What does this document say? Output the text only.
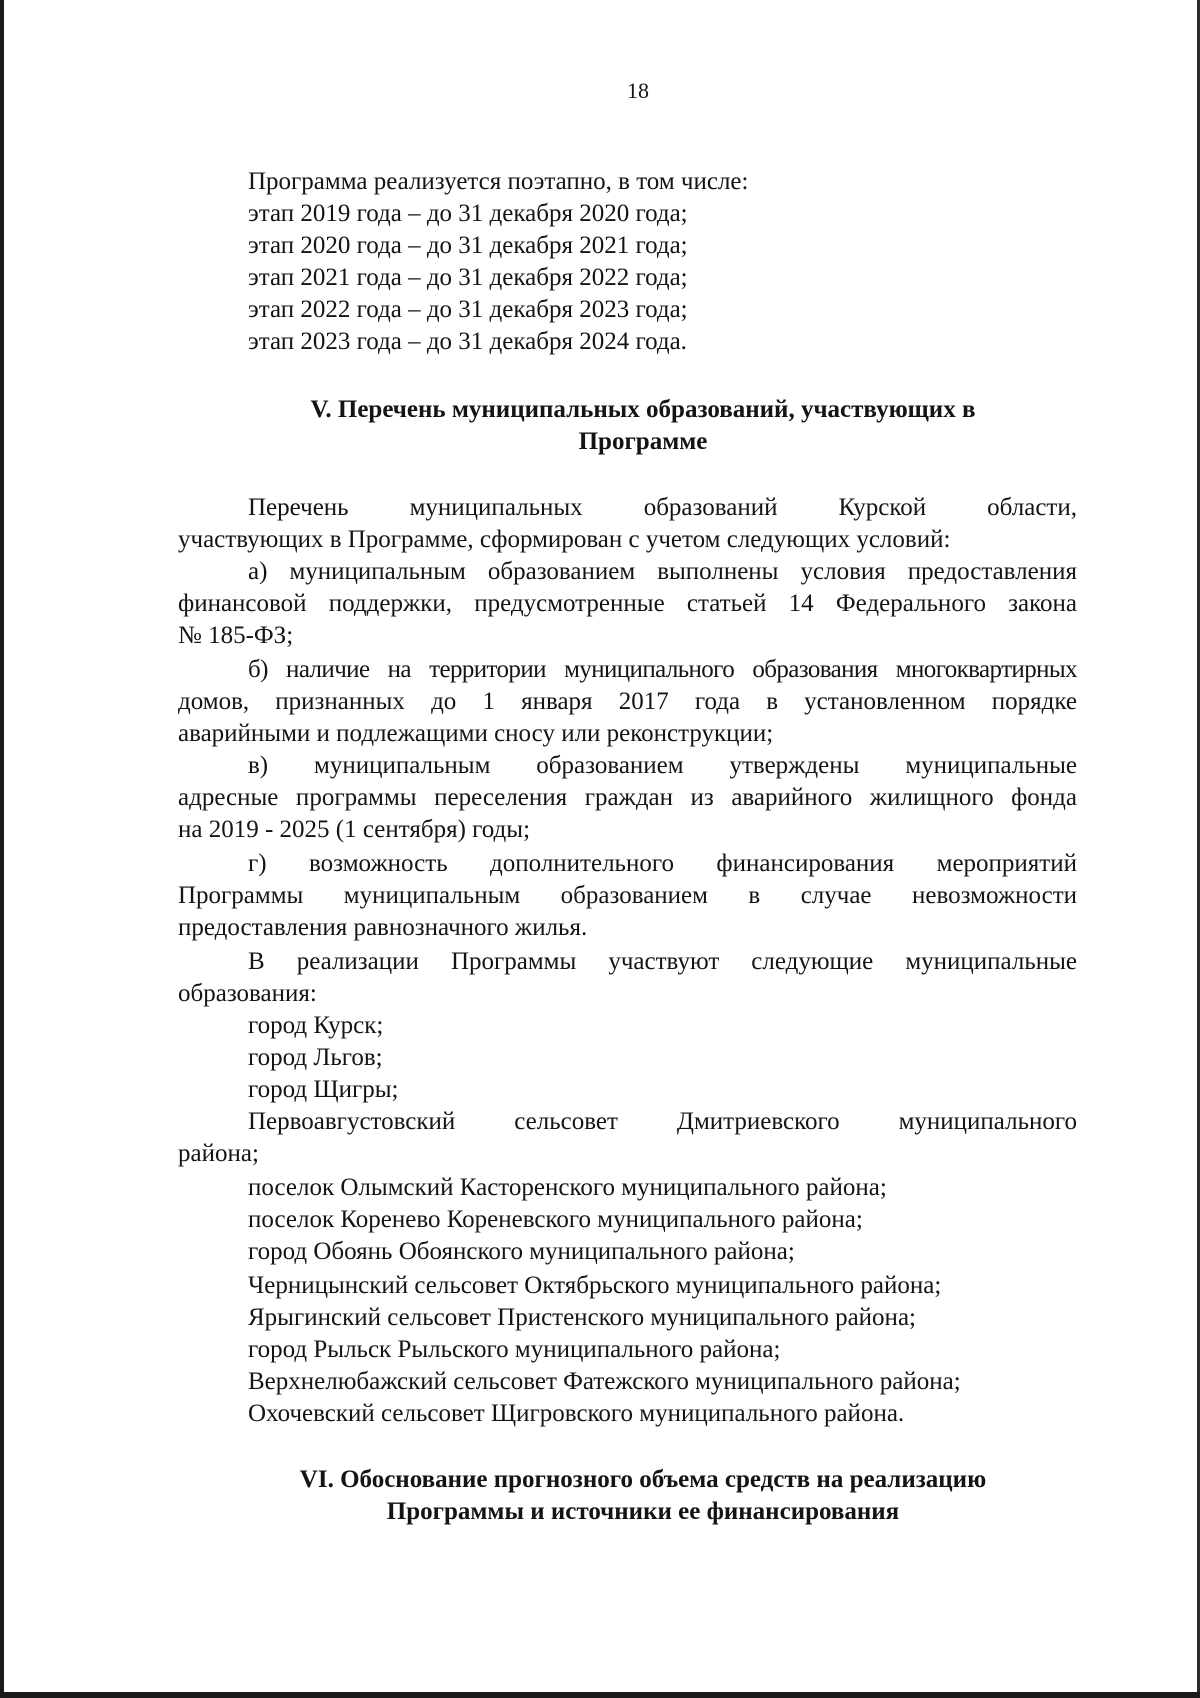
18
Программа реализуется поэтапно, в том числе:
этап 2019 года – до 31 декабря 2020 года;
этап 2020 года – до 31 декабря 2021 года;
этап 2021 года – до 31 декабря 2022 года;
этап 2022 года – до 31 декабря 2023 года;
этап 2023 года – до 31 декабря 2024 года.
V. Перечень муниципальных образований, участвующих в
Программе
Перечень муниципальных образований Курской области,
участвующих в Программе, сформирован с учетом следующих условий:
а) муниципальным образованием выполнены условия предоставления
финансовой поддержки, предусмотренные статьей 14 Федерального закона
№ 185-ФЗ;
б) наличие на территории муниципального образования многоквартирных
домов, признанных до 1 января 2017 года в установленном порядке
аварийными и подлежащими сносу или реконструкции;
в) муниципальным образованием утверждены муниципальные
адресные программы переселения граждан из аварийного жилищного фонда
на 2019 - 2025 (1 сентября) годы;
г) возможность дополнительного финансирования мероприятий
Программы муниципальным образованием в случае невозможности
предоставления равнозначного жилья.
В реализации Программы участвуют следующие муниципальные
образования:
город Курск;
город Льгов;
город Щигры;
Первоавгустовский сельсовет Дмитриевского муниципального
района;
поселок Олымский Касторенского муниципального района;
поселок Коренево Кореневского муниципального района;
город Обоянь Обоянского муниципального района;
Черницынский сельсовет Октябрьского муниципального района;
Ярыгинский сельсовет Пристенского муниципального района;
город Рыльск Рыльского муниципального района;
Верхнелюбажский сельсовет Фатежского муниципального района;
Охочевский сельсовет Щигровского муниципального района.
VI. Обоснование прогнозного объема средств на реализацию
Программы и источники ее финансирования
